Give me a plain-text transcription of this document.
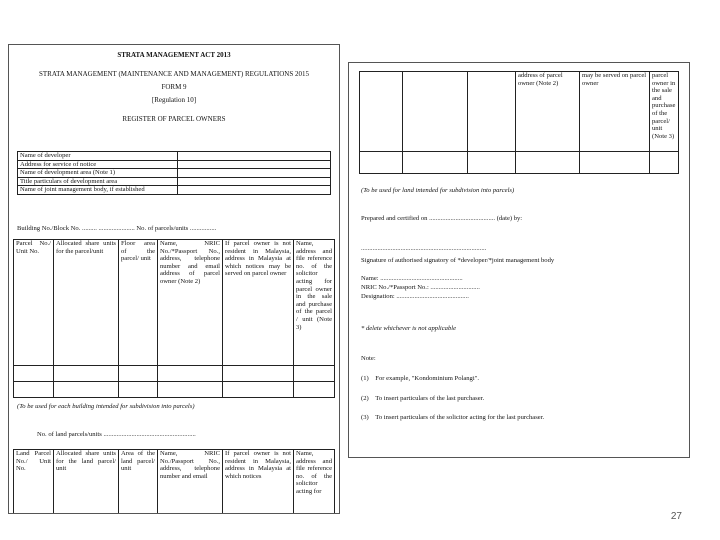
STRATA MANAGEMENT ACT 2013
STRATA MANAGEMENT (MAINTENANCE AND MANAGEMENT) REGULATIONS 2015
FORM 9
[Regulation 10]
REGISTER OF PARCEL OWNERS
Name of developer	
Address for service of notice	
Name of development area (Note 1)	
Title particulars of development area	
Name of joint management body, if established	
Building No./Block No. ......... ...................... No. of parcels/units ................
Parcel No./ Unit No.	Allocated share units for the parcel/unit	Floor area of the parcel/ unit	Name, NRIC No./*Passport No., address, telephone number and email address of parcel owner (Note 2)	If parcel owner is not resident in Malaysia, address in Malaysia at which notices may be served on parcel owner	Name, address and file reference no. of the solicitor acting for parcel owner in the sale and purchase of the parcel / unit (Note 3)

(To be used for each building intended for subdivision into parcels)
No. of land parcels/units ........................................................
Land Parcel No./ Unit No.	Allocated share units for the land parcel/ unit	Area of the land parcel/ unit	Name, NRIC No./Passport No., address, telephone number and email	If parcel owner is not resident in Malaysia, address in Malaysia at which notices	Name, address and file reference no. of the solicitor acting for
			address of parcel owner (Note 2)	may be served on parcel owner	parcel owner in the sale and purchase of the parcel/ unit (Note 3)

(To be used for land intended for subdivision into parcels)
Prepared and certified on ........................................ (date) by:
............................................................................
Signature of authorised signatory of *developer/*joint management body
Name: ..................................................
NRIC No./*Passport No.: ..............................
Designation: ............................................
* delete whichever is not applicable
Note:
(1) For example, "Kondominium Polangi".
(2) To insert particulars of the last purchaser.
(3) To insert particulars of the solicitor acting for the last purchaser.
27
